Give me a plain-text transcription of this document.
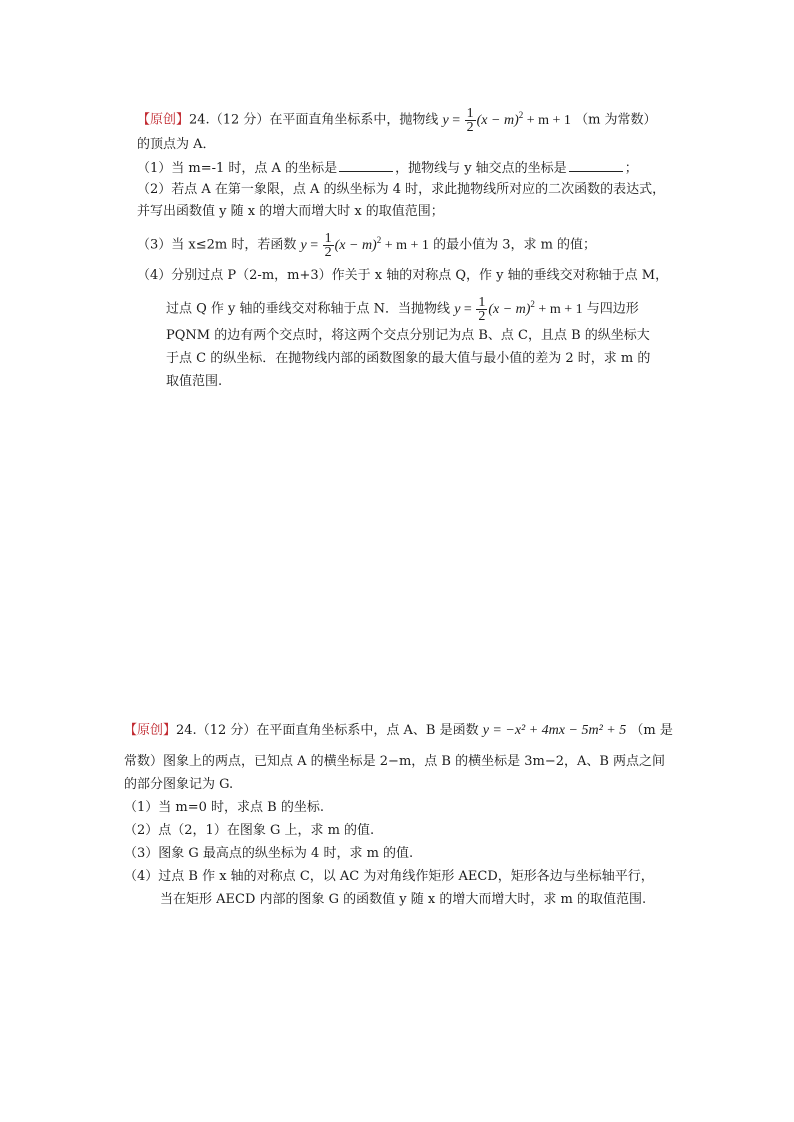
【原创】24.（12 分）在平面直角坐标系中，抛物线 $y = \frac{1}{2} (x - m)^2 + m + 1$ （m 为常数）
的顶点为 A．
（1）当 m=-1 时，点 A 的坐标是	，抛物线与 y 轴交点的坐标是	；
（2）若点 A 在第一象限，点 A 的纵坐标为 4 时，求此抛物线所对应的二次函数的表达式，
并写出函数值 y 随 x 的增大而增大时 x 的取值范围；
（3）当 x≤2m 时，若函数 $y = \frac{1}{2} (x - m)^2 + m + 1$ 的最小值为 3，求 m 的值；
（4）分别过点 P（2-m，m+3）作关于 x 轴的对称点 Q，作 y 轴的垂线交对称轴于点 M，
过点 Q 作 y 轴的垂线交对称轴于点 N．当抛物线 $y = \frac{1}{2} (x - m)^2 + m + 1$ 与四边形
PQNM 的边有两个交点时，将这两个交点分别记为点 B、点 C，且点 B 的纵坐标大
于点 C 的纵坐标．在抛物线内部的函数图象的最大值与最小值的差为 2 时，求 m 的
取值范围.
【原创】24.（12 分）在平面直角坐标系中，点 A、B 是函数 y = −x² + 4mx − 5m² + 5 （m 是
常数）图象上的两点，已知点 A 的横坐标是 2−m，点 B 的横坐标是 3m−2，A、B 两点之间
的部分图象记为 G.
（1）当 m=0 时，求点 B 的坐标.
（2）点（2，1）在图象 G 上，求 m 的值.
（3）图象 G 最高点的纵坐标为 4 时，求 m 的值.
（4）过点 B 作 x 轴的对称点 C，以 AC 为对角线作矩形 AECD，矩形各边与坐标轴平行，
当在矩形 AECD 内部的图象 G 的函数值 y 随 x 的增大而增大时，求 m 的取值范围.
